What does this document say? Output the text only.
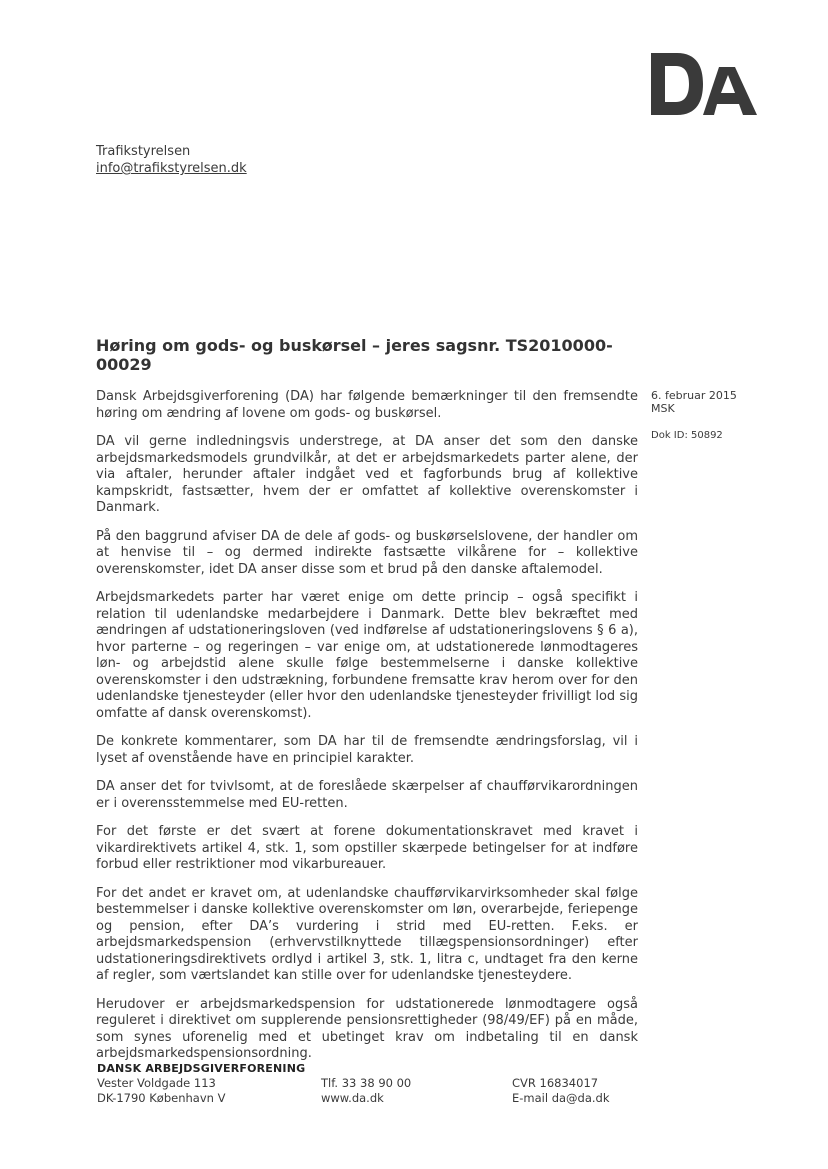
Trafikstyrelsen
info@trafikstyrelsen.dk
Høring om gods- og buskørsel – jeres sagsnr. TS2010000-00029
6. februar 2015
MSK
Dok ID: 50892

Dansk Arbejdsgiverforening (DA) har følgende bemærkninger til den fremsendte høring om ændring af lovene om gods- og buskørsel.

DA vil gerne indledningsvis understrege, at DA anser det som den danske arbejdsmarkedsmodels grundvilkår, at det er arbejdsmarkedets parter alene, der via aftaler, herunder aftaler indgået ved et fagforbunds brug af kollektive kampskridt, fastsætter, hvem der er omfattet af kollektive overenskomster i Danmark.

På den baggrund afviser DA de dele af gods- og buskørselslovene, der handler om at henvise til – og dermed indirekte fastsætte vilkårene for – kollektive overenskomster, idet DA anser disse som et brud på den danske aftalemodel.

Arbejdsmarkedets parter har været enige om dette princip – også specifikt i relation til udenlandske medarbejdere i Danmark. Dette blev bekræftet med ændringen af udstationeringsloven (ved indførelse af udstationeringslovens § 6 a), hvor parterne – og regeringen – var enige om, at udstationerede lønmodtageres løn- og arbejdstid alene skulle følge bestemmelserne i danske kollektive overenskomster i den udstrækning, forbundene fremsatte krav herom over for den udenlandske tjenesteyder (eller hvor den udenlandske tjenesteyder frivilligt lod sig omfatte af dansk overenskomst).

De konkrete kommentarer, som DA har til de fremsendte ændringsforslag, vil i lyset af ovenstående have en principiel karakter.

DA anser det for tvivlsomt, at de foreslåede skærpelser af chaufførvikarordningen er i overensstemmelse med EU-retten.

For det første er det svært at forene dokumentationskravet med kravet i vikardirektivets artikel 4, stk. 1, som opstiller skærpede betingelser for at indføre forbud eller restriktioner mod vikarbureauer.

For det andet er kravet om, at udenlandske chaufførvikarvirksomheder skal følge bestemmelser i danske kollektive overenskomster om løn, overarbejde, feriepenge og pension, efter DA’s vurdering i strid med EU-retten. F.eks. er arbejdsmarkedspension (erhvervstilknyttede tillægspensionsordninger) efter udstationeringsdirektivets ordlyd i artikel 3, stk. 1, litra c, undtaget fra den kerne af regler, som værtslandet kan stille over for udenlandske tjenesteydere.

Herudover er arbejdsmarkedspension for udstationerede lønmodtagere også reguleret i direktivet om supplerende pensionsrettigheder (98/49/EF) på en måde, som synes uforenelig med et ubetinget krav om indbetaling til en dansk arbejdsmarkedspensionsordning.

DANSK ARBEJDSGIVERFORENING
Vester Voldgade 113
DK-1790 København V
Tlf. 33 38 90 00
www.da.dk
CVR 16834017
E-mail da@da.dk
